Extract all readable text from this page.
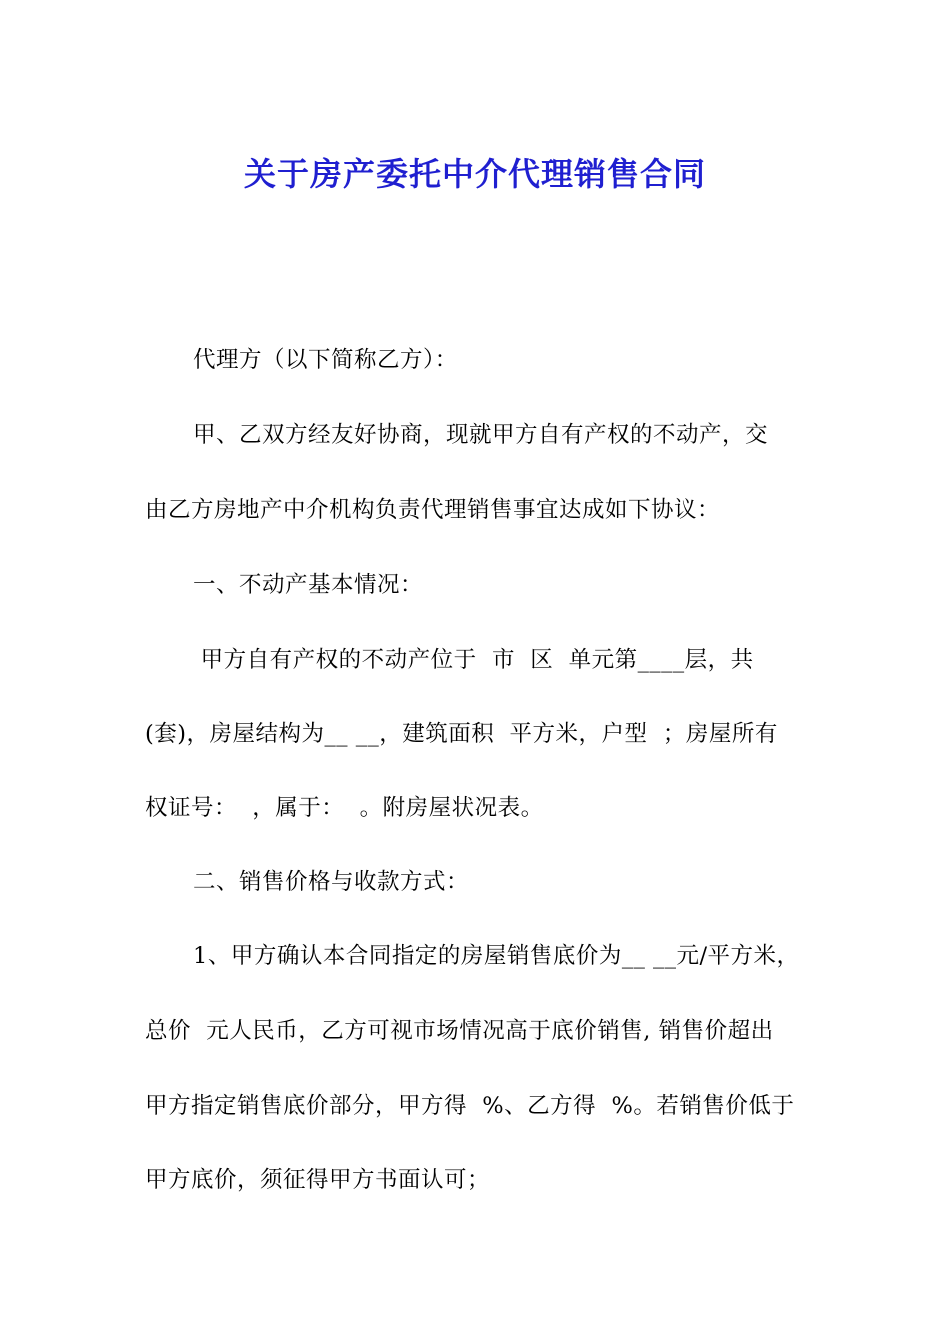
关于房产委托中介代理销售合同
代理方（以下简称乙方）：
甲、乙双方经友好协商，现就甲方自有产权的不动产，交
由乙方房地产中介机构负责代理销售事宜达成如下协议：
一、不动产基本情况：
甲方自有产权的不动产位于  市  区  单元第____层，共
(套)，房屋结构为__ __，建筑面积  平方米，户型  ；房屋所有
权证号：  ，属于：  。附房屋状况表。
二、销售价格与收款方式：
1、甲方确认本合同指定的房屋销售底价为__ __元/平方米，
总价  元人民币，乙方可视市场情况高于底价销售, 销售价超出
甲方指定销售底价部分，甲方得  %、乙方得  %。若销售价低于
甲方底价，须征得甲方书面认可；
